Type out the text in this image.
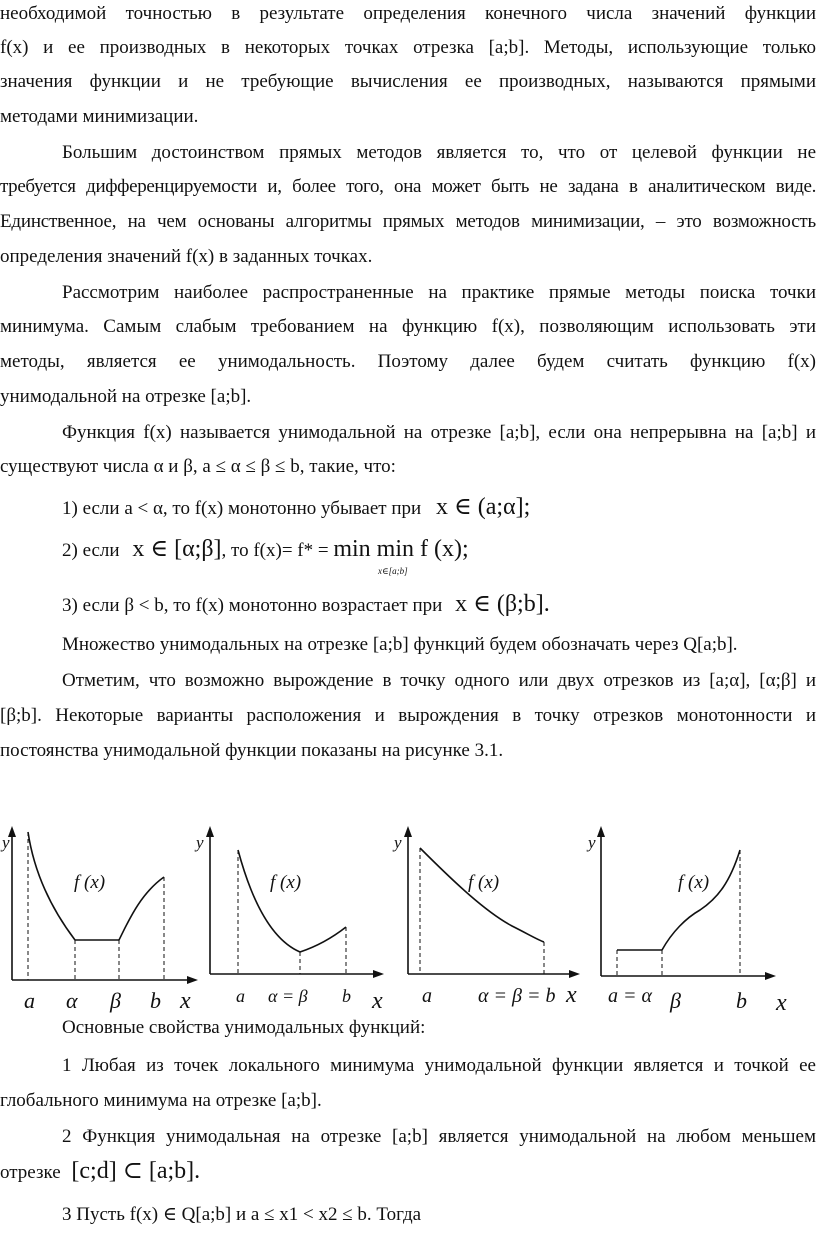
необходимой точностью в результате определения конечного числа значений функции
f(x) и ее производных в некоторых точках отрезка [a;b]. Методы, использующие только
значения функции и не требующие вычисления ее производных, называются прямыми
методами минимизации.
Большим достоинством прямых методов является то, что от целевой функции не
требуется дифференцируемости и, более того, она может быть не задана в аналитическом виде.
Единственное, на чем основаны алгоритмы прямых методов минимизации, – это возможность
определения значений f(x) в заданных точках.
Рассмотрим наиболее распространенные на практике прямые методы поиска точки
минимума. Самым слабым требованием на функцию f(x), позволяющим использовать эти
методы, является ее унимодальность. Поэтому далее будем считать функцию f(x)
унимодальной на отрезке [a;b].
Функция f(x) называется унимодальной на отрезке [a;b], если она непрерывна на [a;b] и
существуют числа α и β, a ≤ α ≤ β ≤ b, такие, что:
1) если a < α, то f(x) монотонно убывает при x ∈ (a;α];
2) если x ∈ [α;β], то f(x)= f* = min min f (x);
x∈[a;b]
3) если β < b, то f(x) монотонно возрастает при x ∈ (β;b].
Множество унимодальных на отрезке [a;b] функций будем обозначать через Q[a;b].
Отметим, что возможно вырождение в точку одного или двух отрезков из [a;α], [α;β] и
[β;b]. Некоторые варианты расположения и вырождения в точку отрезков монотонности и
постоянства унимодальной функции показаны на рисунке 3.1.
y
x
f (x)
a α β b
y
x
f (x)
a α = β b
y
x
f (x)
a α = β = b
y
x
f (x)
a = α β	b
Основные свойства унимодальных функций:
1 Любая из точек локального минимума унимодальной функции является и точкой ее
глобального минимума на отрезке [a;b].
2 Функция унимодальная на отрезке [a;b] является унимодальной на любом меньшем
отрезке [c;d] ⊂ [a;b].
3 Пусть f(x) ∈ Q[a;b] и a ≤ x1 < x2 ≤ b. Тогда
